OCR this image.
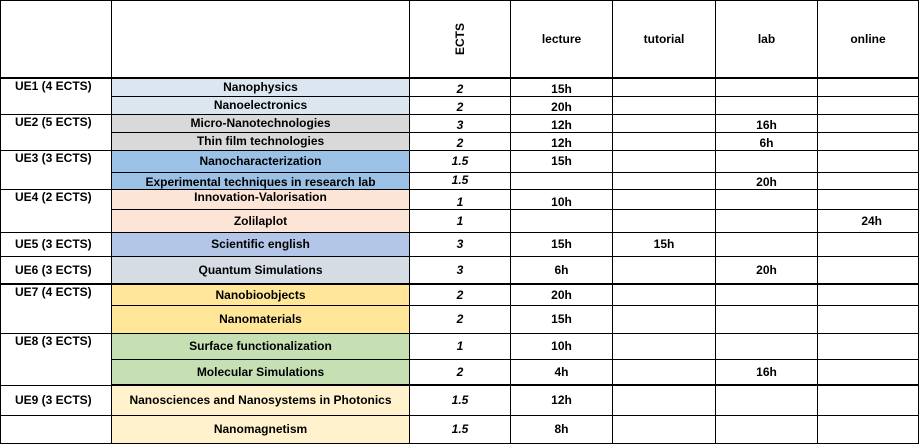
		ECTS	lecture	tutorial	lab	online
UE1 (4 ECTS)	Nanophysics	2	15h			
	Nanoelectronics	2	20h			
UE2 (5 ECTS)	Micro-Nanotechnologies	3	12h		16h	
	Thin film technologies	2	12h		6h	
UE3 (3 ECTS)	Nanocharacterization	1.5	15h			
	Experimental techniques in research lab	1.5			20h	
UE4 (2 ECTS)	Innovation-Valorisation	1	10h			
	Zolilaplot	1				24h
UE5 (3 ECTS)	Scientific english	3	15h	15h		
UE6 (3 ECTS)	Quantum Simulations	3	6h		20h	
UE7 (4 ECTS)	Nanobioobjects	2	20h			
	Nanomaterials	2	15h			
UE8 (3 ECTS)	Surface functionalization	1	10h			
	Molecular Simulations	2	4h		16h	
UE9 (3 ECTS)	Nanosciences and Nanosystems in Photonics	1.5	12h			
	Nanomagnetism	1.5	8h			
